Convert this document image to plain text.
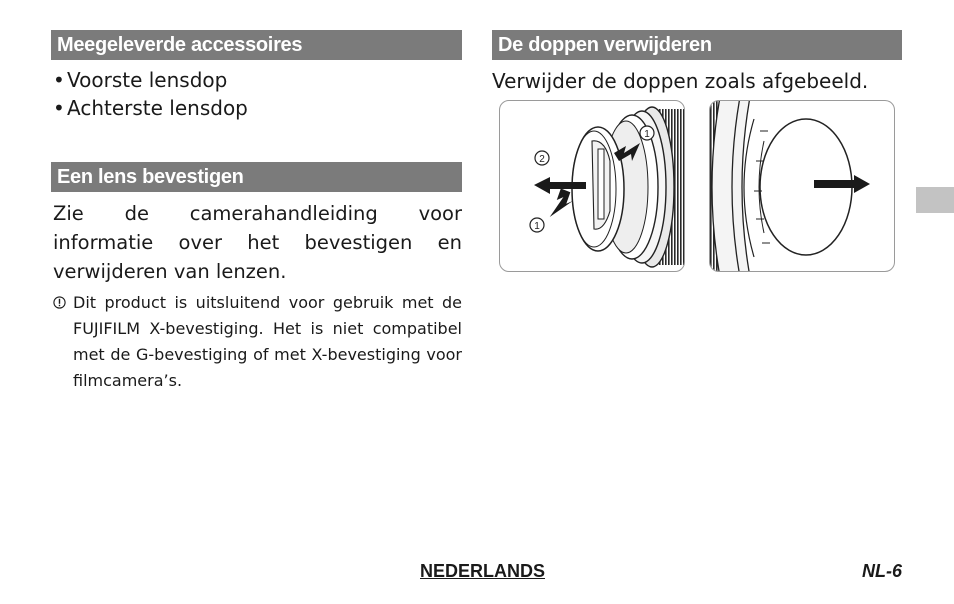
Meegeleverde accessoires
• Voorste lensdop
• Achterste lensdop
Een lens bevestigen

Zie de camerahandleiding voor informatie over het bevestigen en verwijderen van lenzen.

Dit product is uitsluitend voor gebruik met de FUJIFILM X-bevestiging. Het is niet compatibel met de G-bevestiging of met X-bevestiging voor filmcamera’s.
De doppen verwijderen

Verwijder de doppen zoals afgebeeld.

1
2
1
NEDERLANDS	NL-6
